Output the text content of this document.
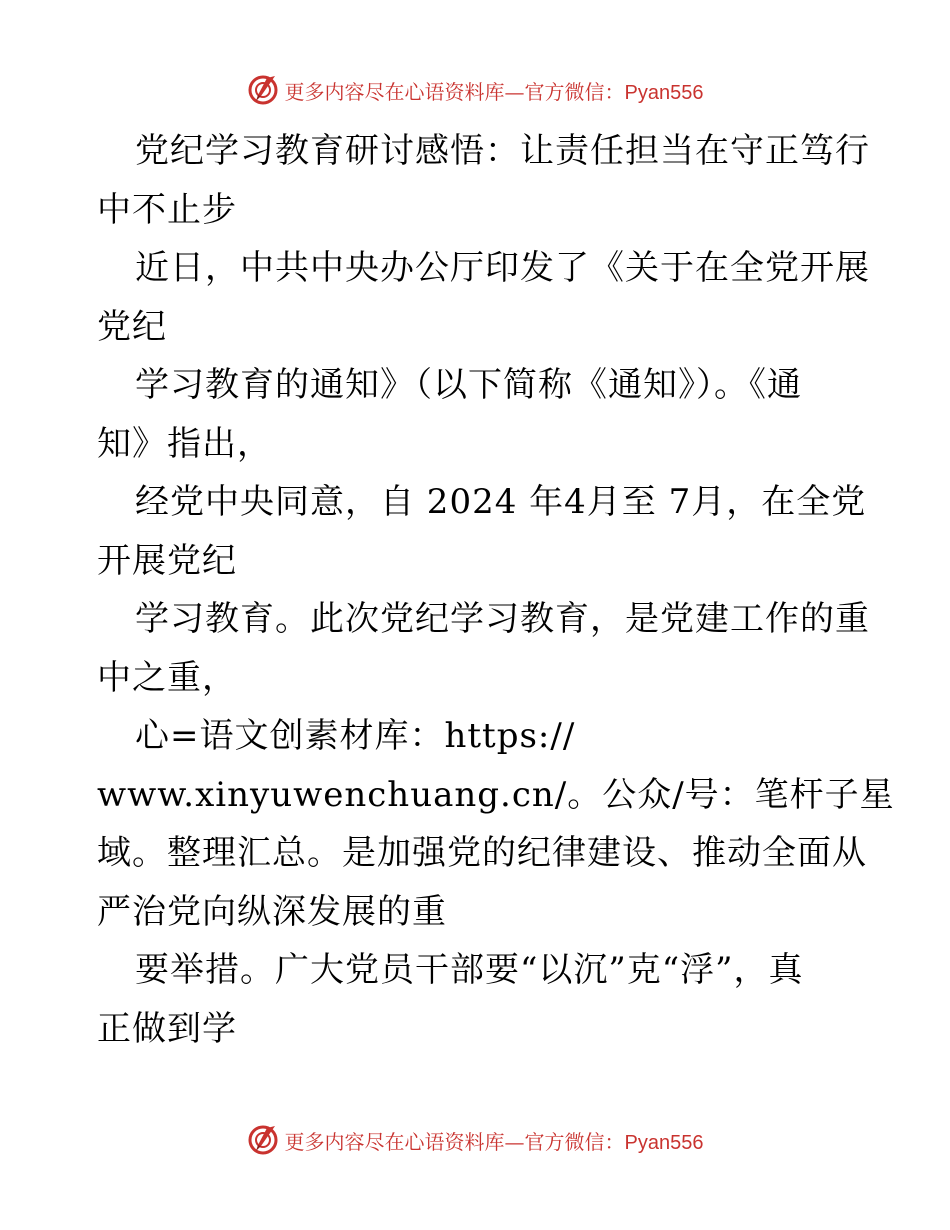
更多内容尽在心语资料库—官方微信：Pyan556
党纪学习教育研讨感悟：让责任担当在守正笃行
中不止步
近日，中共中央办公厅印发了《关于在全党开展
党纪
学习教育的通知》（以下简称《通知》）。《通
知》指出，
经党中央同意，自 2024 年4月至 7月，在全党
开展党纪
学习教育。此次党纪学习教育，是党建工作的重
中之重，
心=语文创素材库：https://
www.xinyuwenchuang.cn/。公众/号：笔杆子星
域。整理汇总。是加强党的纪律建设、推动全面从
严治党向纵深发展的重
要举措。广大党员干部要“以沉”克“浮”，真
正做到学
更多内容尽在心语资料库—官方微信：Pyan556
